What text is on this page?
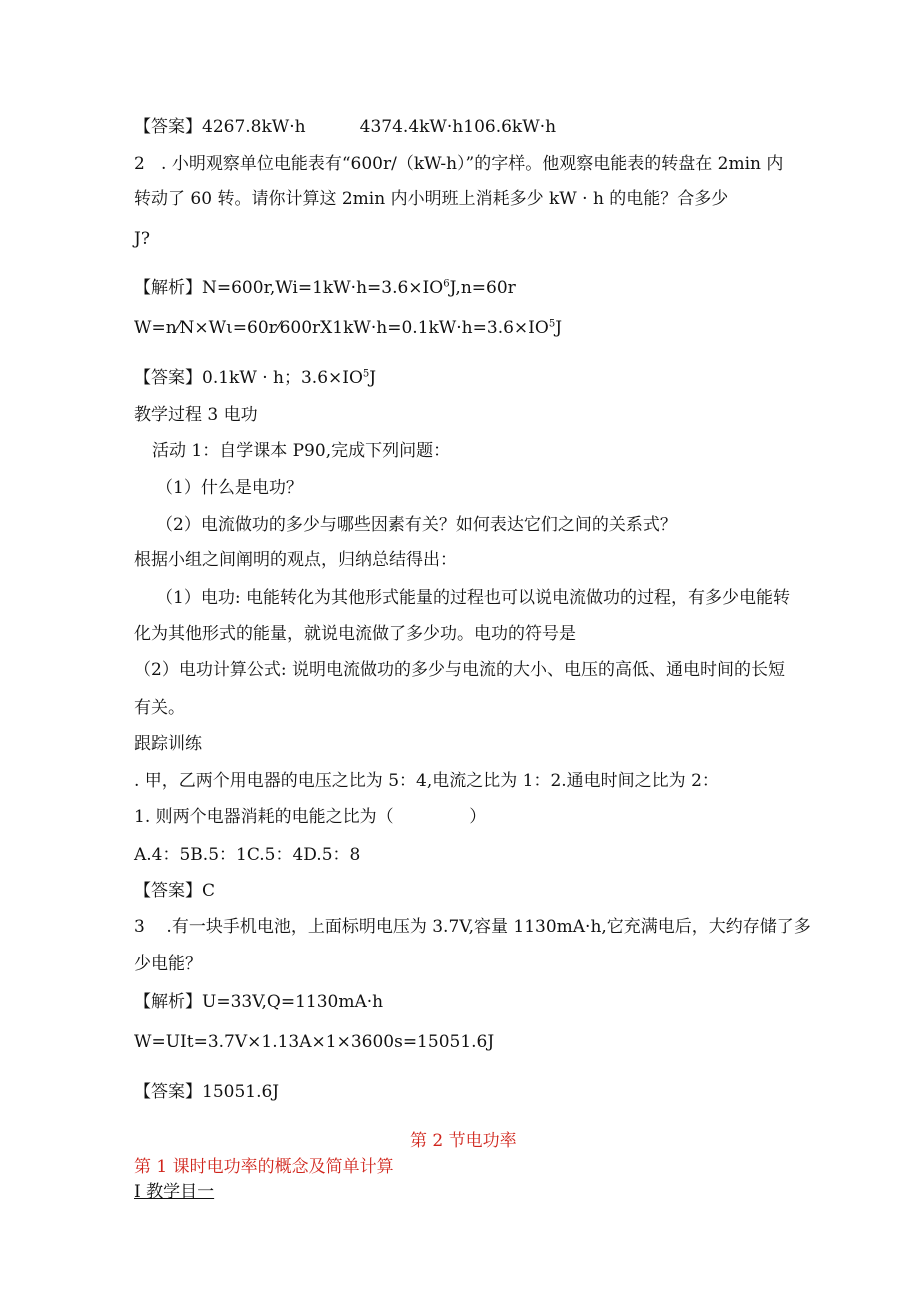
【答案】4267.8kW·h          4374.4kW·h106.6kW·h
2   . 小明观察单位电能表有“600r/（kW-h）”的字样。他观察电能表的转盘在 2min 内
转动了 60 转。请你计算这 2min 内小明班上消耗多少 kW · h 的电能？合多少
J?
【解析】$N=600r,Wi=1kW\cdot h=3.6\times IO^6J,n=60r$
$W=n⁄N\times W\iota=60r⁄600rX1kW\cdot h=0.1kW\cdot h=3.6\times IO^5J$
【答案】0.1kW · h；$3.6\times IO^5J$
教学过程 3 电功
活动 1：自学课本 P90,完成下列问题：
（1）什么是电功？
（2）电流做功的多少与哪些因素有关？如何表达它们之间的关系式？
根据小组之间阐明的观点，归纳总结得出：
（1）电功: 电能转化为其他形式能量的过程也可以说电流做功的过程，有多少电能转
化为其他形式的能量，就说电流做了多少功。电功的符号是
（2）电功计算公式: 说明电流做功的多少与电流的大小、电压的高低、通电时间的长短
有关。
跟踪训练
. 甲，乙两个用电器的电压之比为 5：4,电流之比为 1：2.通电时间之比为 2：
1. 则两个电器消耗的电能之比为（              ）
A.4：5B.5：1C.5：4D.5：8
【答案】C
3    .有一块手机电池，上面标明电压为 3.7V,容量 1130mA·h,它充满电后，大约存储了多
少电能？
【解析】U=33V,Q=1130mA·h
W=UIt=3.7V×1.13A×1×3600s=15051.6J
【答案】15051.6J
第 2 节电功率
第 1 课时电功率的概念及简单计算
I 教学目一
